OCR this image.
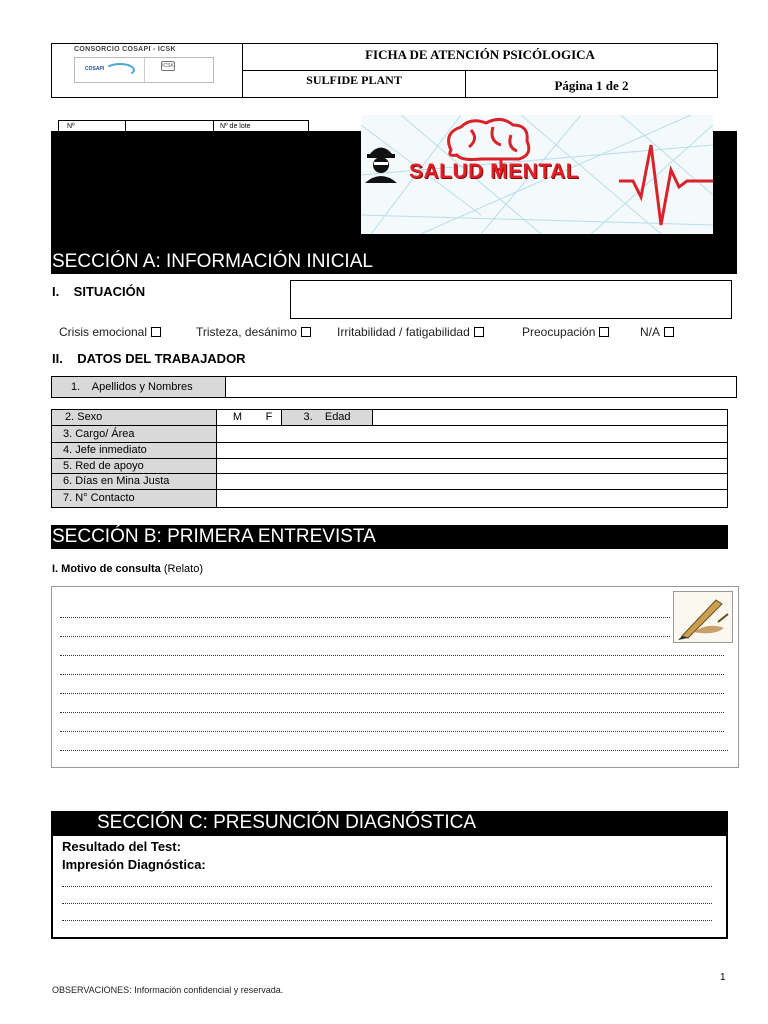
CONSORCIO COSAPI - ICSK
COSAPI	ICSK
FICHA DE ATENCIÓN PSICÓLOGICA
SULFIDE PLANT	Página 1 de 2
Nº	Nº de lote
SALUD MENTAL
SECCIÓN A: INFORMACIÓN INICIAL
I.    SITUACIÓN
Crisis emocional	Tristeza, desánimo	Irritabilidad / fatigabilidad	Preocupación	N/A
II.    DATOS DEL TRABAJADOR
1.    Apellidos y Nombres
2. Sexo	M	F	3.    Edad
3. Cargo/ Área
4. Jefe inmediato
5. Red de apoyo
6. Días en Mina Justa
7. N° Contacto
SECCIÓN B: PRIMERA ENTREVISTA
I. Motivo de consulta (Relato)
SECCIÓN C: PRESUNCIÓN DIAGNÓSTICA
Resultado del Test:
Impresión Diagnóstica:
1
OBSERVACIONES: Información confidencial y reservada.
